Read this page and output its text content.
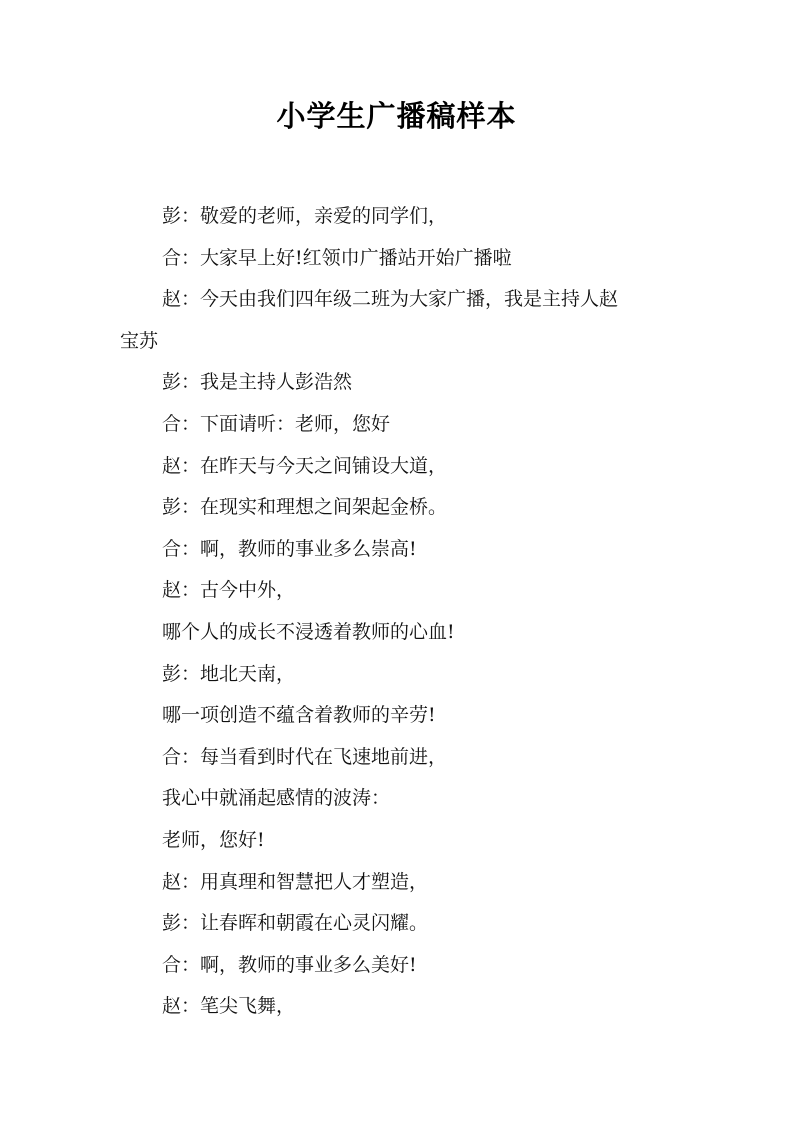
小学生广播稿样本
彭：敬爱的老师，亲爱的同学们，
合：大家早上好!红领巾广播站开始广播啦
赵：今天由我们四年级二班为大家广播，我是主持人赵
宝苏
彭：我是主持人彭浩然
合：下面请听：老师，您好
赵：在昨天与今天之间铺设大道，
彭：在现实和理想之间架起金桥。
合：啊，教师的事业多么崇高!
赵：古今中外，
哪个人的成长不浸透着教师的心血!
彭：地北天南，
哪一项创造不蕴含着教师的辛劳!
合：每当看到时代在飞速地前进，
我心中就涌起感情的波涛：
老师，您好!
赵：用真理和智慧把人才塑造，
彭：让春晖和朝霞在心灵闪耀。
合：啊，教师的事业多么美好!
赵：笔尖飞舞，
